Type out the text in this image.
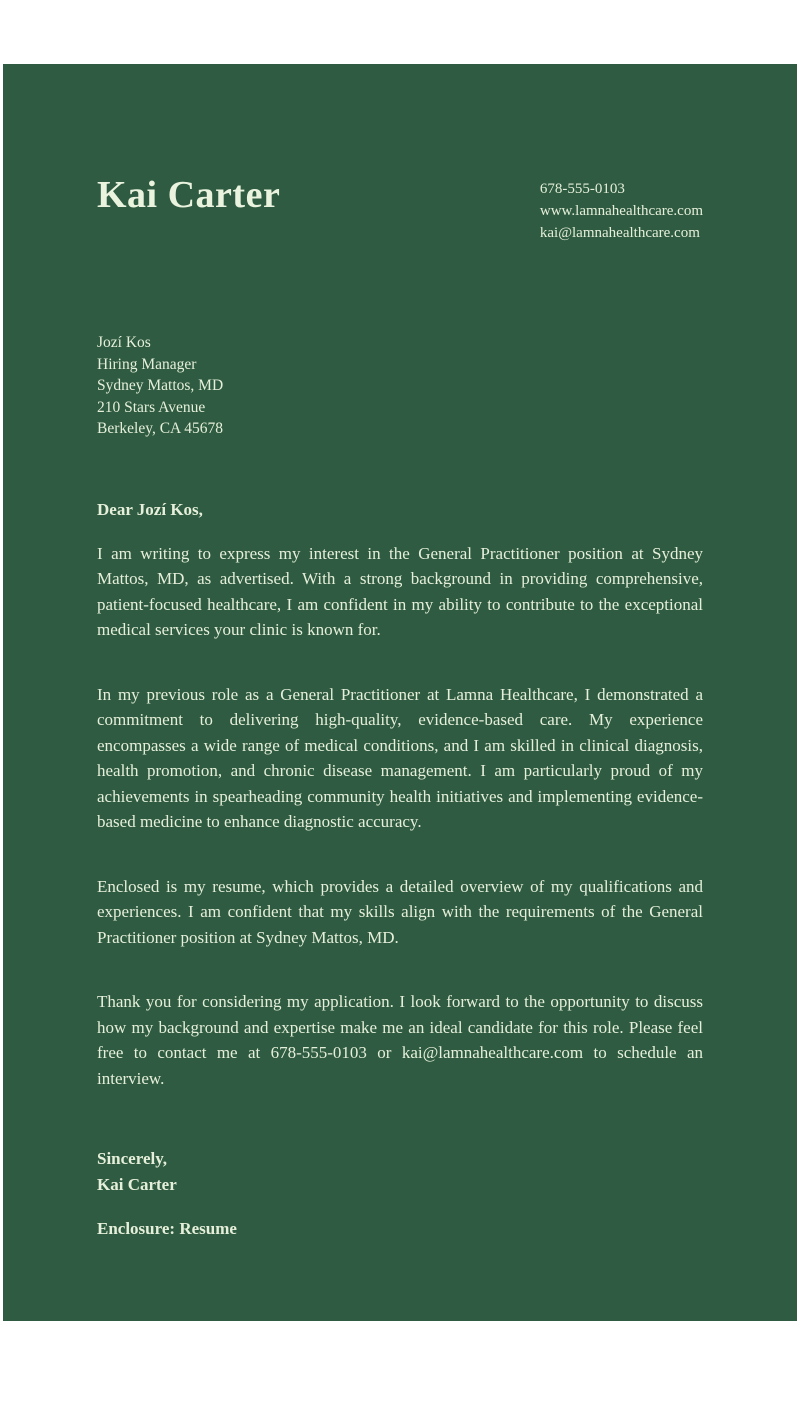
Kai Carter	678-555-0103
www.lamnahealthcare.com
kai@lamnahealthcare.com
Jozí Kos
Hiring Manager
Sydney Mattos, MD
210 Stars Avenue
Berkeley, CA 45678
Dear Jozí Kos,

I am writing to express my interest in the General Practitioner position at Sydney Mattos, MD, as advertised. With a strong background in providing comprehensive, patient-focused healthcare, I am confident in my ability to contribute to the exceptional medical services your clinic is known for.

In my previous role as a General Practitioner at Lamna Healthcare, I demonstrated a commitment to delivering high-quality, evidence-based care. My experience encompasses a wide range of medical conditions, and I am skilled in clinical diagnosis, health promotion, and chronic disease management. I am particularly proud of my achievements in spearheading community health initiatives and implementing evidence-based medicine to enhance diagnostic accuracy.

Enclosed is my resume, which provides a detailed overview of my qualifications and experiences. I am confident that my skills align with the requirements of the General Practitioner position at Sydney Mattos, MD.

Thank you for considering my application. I look forward to the opportunity to discuss how my background and expertise make me an ideal candidate for this role. Please feel free to contact me at 678-555-0103 or kai@lamnahealthcare.com to schedule an interview.

Sincerely,
Kai Carter
Enclosure: Resume
